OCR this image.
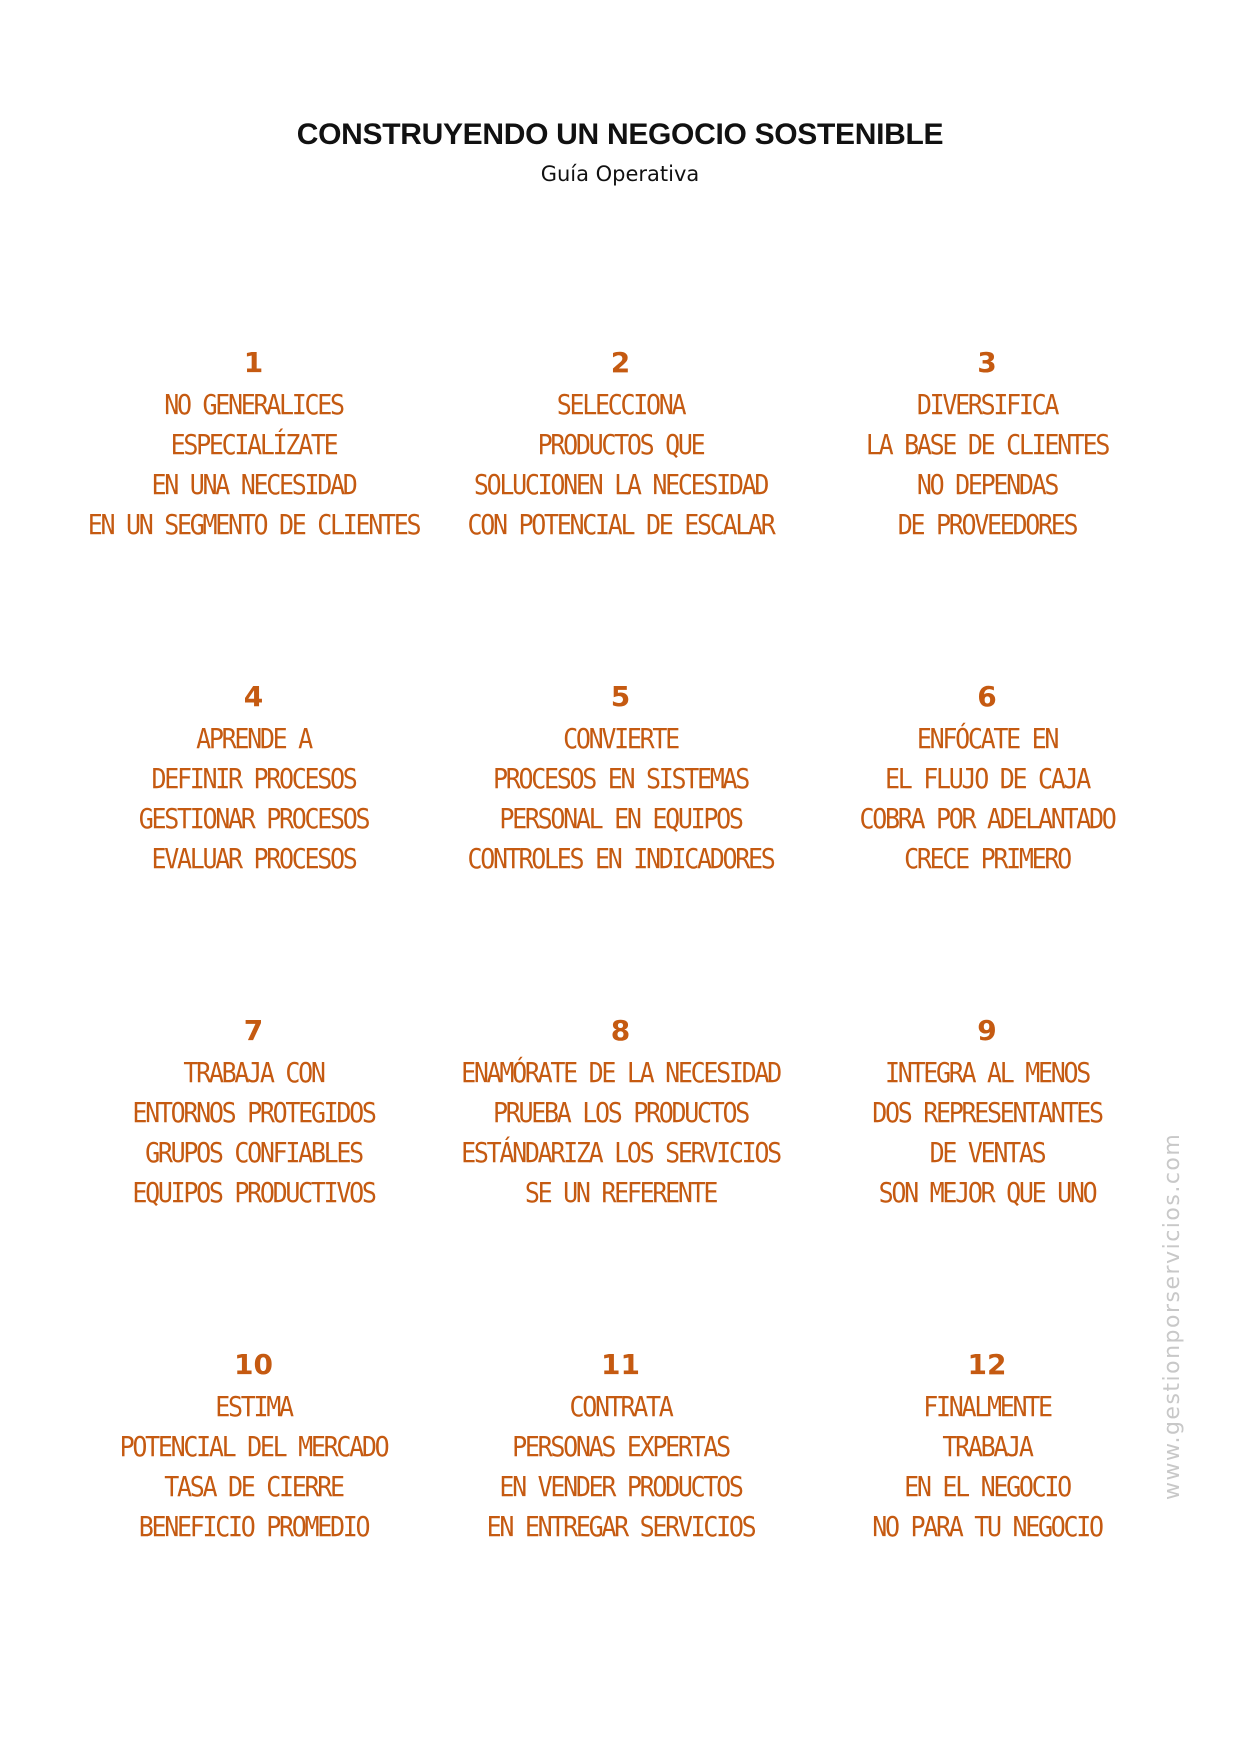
CONSTRUYENDO UN NEGOCIO SOSTENIBLE
Guía Operativa
1
NO GENERALICES
ESPECIALÍZATE
EN UNA NECESIDAD
EN UN SEGMENTO DE CLIENTES
2
SELECCIONA
PRODUCTOS QUE
SOLUCIONEN LA NECESIDAD
CON POTENCIAL DE ESCALAR
3
DIVERSIFICA
LA BASE DE CLIENTES
NO DEPENDAS
DE PROVEEDORES
4
APRENDE A
DEFINIR PROCESOS
GESTIONAR PROCESOS
EVALUAR PROCESOS
5
CONVIERTE
PROCESOS EN SISTEMAS
PERSONAL EN EQUIPOS
CONTROLES EN INDICADORES
6
ENFÓCATE EN
EL FLUJO DE CAJA
COBRA POR ADELANTADO
CRECE PRIMERO
7
TRABAJA CON
ENTORNOS PROTEGIDOS
GRUPOS CONFIABLES
EQUIPOS PRODUCTIVOS
8
ENAMÓRATE DE LA NECESIDAD
PRUEBA LOS PRODUCTOS
ESTÁNDARIZA LOS SERVICIOS
SE UN REFERENTE
9
INTEGRA AL MENOS
DOS REPRESENTANTES
DE VENTAS
SON MEJOR QUE UNO
10
ESTIMA
POTENCIAL DEL MERCADO
TASA DE CIERRE
BENEFICIO PROMEDIO
11
CONTRATA
PERSONAS EXPERTAS
EN VENDER PRODUCTOS
EN ENTREGAR SERVICIOS
12
FINALMENTE
TRABAJA
EN EL NEGOCIO
NO PARA TU NEGOCIO
www.gestionporservicios.com
